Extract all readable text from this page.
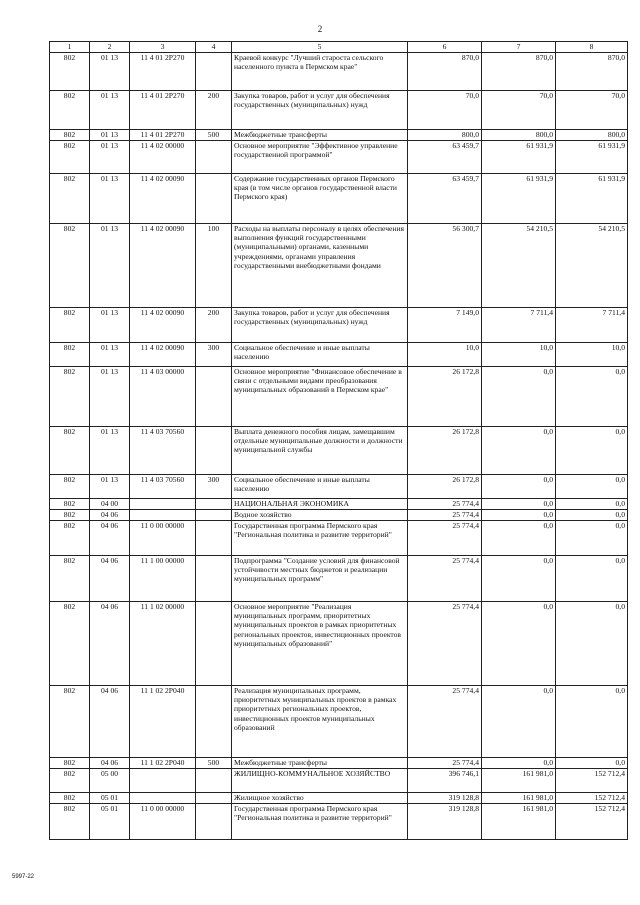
2
1	2	3	4	5	6	7	8
802	01 13	11 4 01 2P270		Краевой конкурс "Лучший староста сельского населенного пункта в Пермском крае"	870,0	870,0	870,0
802	01 13	11 4 01 2P270	200	Закупка товаров, работ и услуг для обеспечения государственных (муниципальных) нужд	70,0	70,0	70,0
802	01 13	11 4 01 2P270	500	Межбюджетные трансферты	800,0	800,0	800,0
802	01 13	11 4 02 00000		Основное мероприятие "Эффективное управление государственной программой"	63 459,7	61 931,9	61 931,9
802	01 13	11 4 02 00090		Содержание государственных органов Пермского края (в том числе органов государственной власти Пермского края)	63 459,7	61 931,9	61 931,9
802	01 13	11 4 02 00090	100	Расходы на выплаты персоналу в целях обеспечения выполнения функций государственными (муниципальными) органами, казенными учреждениями, органами управления государственными внебюджетными фондами	56 300,7	54 210,5	54 210,5
802	01 13	11 4 02 00090	200	Закупка товаров, работ и услуг для обеспечения государственных (муниципальных) нужд	7 149,0	7 711,4	7 711,4
802	01 13	11 4 02 00090	300	Социальное обеспечение и иные выплаты населению	10,0	10,0	10,0
802	01 13	11 4 03 00000		Основное мероприятие "Финансовое обеспечение в связи с отдельными видами преобразования муниципальных образований в Пермском крае"	26 172,8	0,0	0,0
802	01 13	11 4 03 70560		Выплата денежного пособия лицам, замещавшим отдельные муниципальные должности и должности муниципальной службы	26 172,8	0,0	0,0
802	01 13	11 4 03 70560	300	Социальное обеспечение и иные выплаты населению	26 172,8	0,0	0,0
802	04 00			НАЦИОНАЛЬНАЯ ЭКОНОМИКА	25 774,4	0,0	0,0
802	04 06			Водное хозяйство	25 774,4	0,0	0,0
802	04 06	11 0 00 00000		Государственная программа Пермского края "Региональная политика и развитие территорий"	25 774,4	0,0	0,0
802	04 06	11 1 00 00000		Подпрограмма "Создание условий для финансовой устойчивости местных бюджетов и реализации муниципальных программ"	25 774,4	0,0	0,0
802	04 06	11 1 02 00000		Основное мероприятие "Реализация муниципальных программ, приоритетных муниципальных проектов в рамках приоритетных региональных проектов, инвестиционных проектов муниципальных образований"	25 774,4	0,0	0,0
802	04 06	11 1 02 2P040		Реализация муниципальных программ, приоритетных муниципальных проектов в рамках приоритетных региональных проектов, инвестиционных проектов муниципальных образований	25 774,4	0,0	0,0
802	04 06	11 1 02 2P040	500	Межбюджетные трансферты	25 774,4	0,0	0,0
802	05 00			ЖИЛИЩНО-КОММУНАЛЬНОЕ ХОЗЯЙСТВО	396 746,1	161 981,0	152 712,4
802	05 01			Жилищное хозяйство	319 128,8	161 981,0	152 712,4
802	05 01	11 0 00 00000		Государственная программа Пермского края "Региональная политика и развитие территорий"	319 128,8	161 981,0	152 712,4
5997-22
